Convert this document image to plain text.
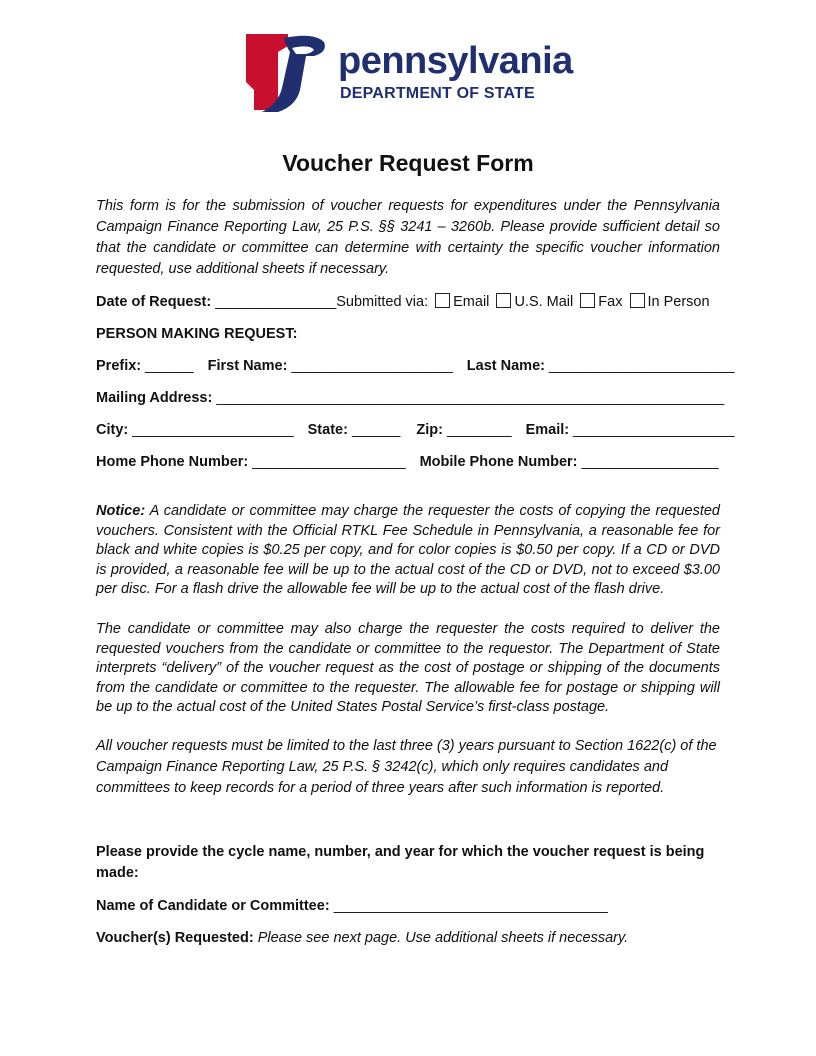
pennsylvania
DEPARTMENT OF STATE
Voucher Request Form
This form is for the submission of voucher requests for expenditures under the Pennsylvania Campaign Finance Reporting Law, 25 P.S. §§ 3241 – 3260b. Please provide sufficient detail so that the candidate or committee can determine with certainty the specific voucher information requested, use additional sheets if necessary.
Date of Request: _______________Submitted via: Email U.S. Mail Fax In Person
PERSON MAKING REQUEST:
Prefix: ______ First Name: ____________________ Last Name: _______________________
Mailing Address: _______________________________________________________________
City: ____________________ State: ______ Zip: ________ Email: ____________________
Home Phone Number: ___________________ Mobile Phone Number: _________________
Notice: A candidate or committee may charge the requester the costs of copying the requested vouchers. Consistent with the Official RTKL Fee Schedule in Pennsylvania, a reasonable fee for black and white copies is $0.25 per copy, and for color copies is $0.50 per copy. If a CD or DVD is provided, a reasonable fee will be up to the actual cost of the CD or DVD, not to exceed $3.00 per disc. For a flash drive the allowable fee will be up to the actual cost of the flash drive.
The candidate or committee may also charge the requester the costs required to deliver the requested vouchers from the candidate or committee to the requestor. The Department of State interprets “delivery” of the voucher request as the cost of postage or shipping of the documents from the candidate or committee to the requester. The allowable fee for postage or shipping will be up to the actual cost of the United States Postal Service’s first-class postage.
All voucher requests must be limited to the last three (3) years pursuant to Section 1622(c) of the Campaign Finance Reporting Law, 25 P.S. § 3242(c), which only requires candidates and committees to keep records for a period of three years after such information is reported.
Please provide the cycle name, number, and year for which the voucher request is being made:
Name of Candidate or Committee: __________________________________
Voucher(s) Requested: Please see next page. Use additional sheets if necessary.
